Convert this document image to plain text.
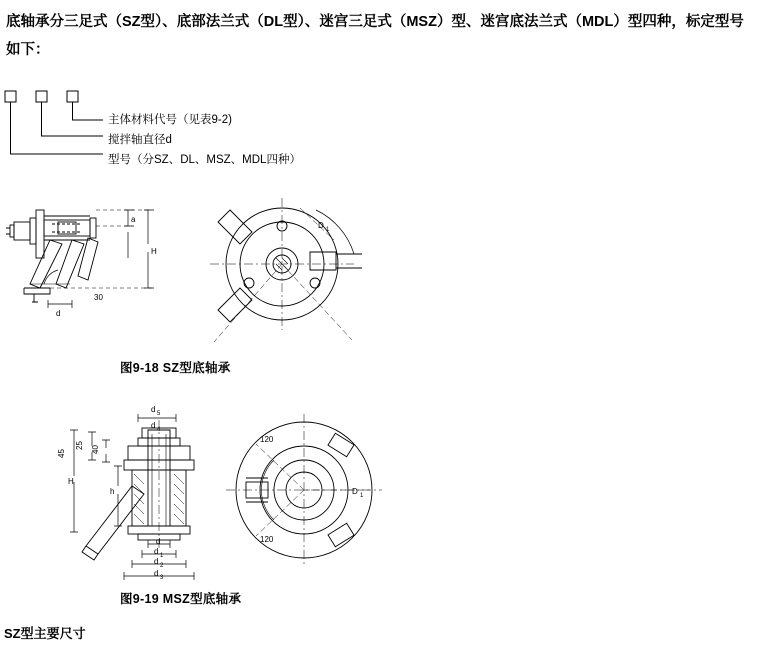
底轴承分三足式（SZ型）、底部法兰式（DL型）、迷宫三足式（MSZ）型、迷宫底法兰式（MDL）型四种，标定型号如下：
主体材料代号（见表9-2)
搅拌轴直径d
型号（分SZ、DL、MSZ、MDL四种）
a
H
d
30
D 1
图9-18 SZ型底轴承
d 5
d 4
25
45	40
h
H
d
d 1
d 2
d 3
120
120
D 1
图9-19 MSZ型底轴承
SZ型主要尺寸
